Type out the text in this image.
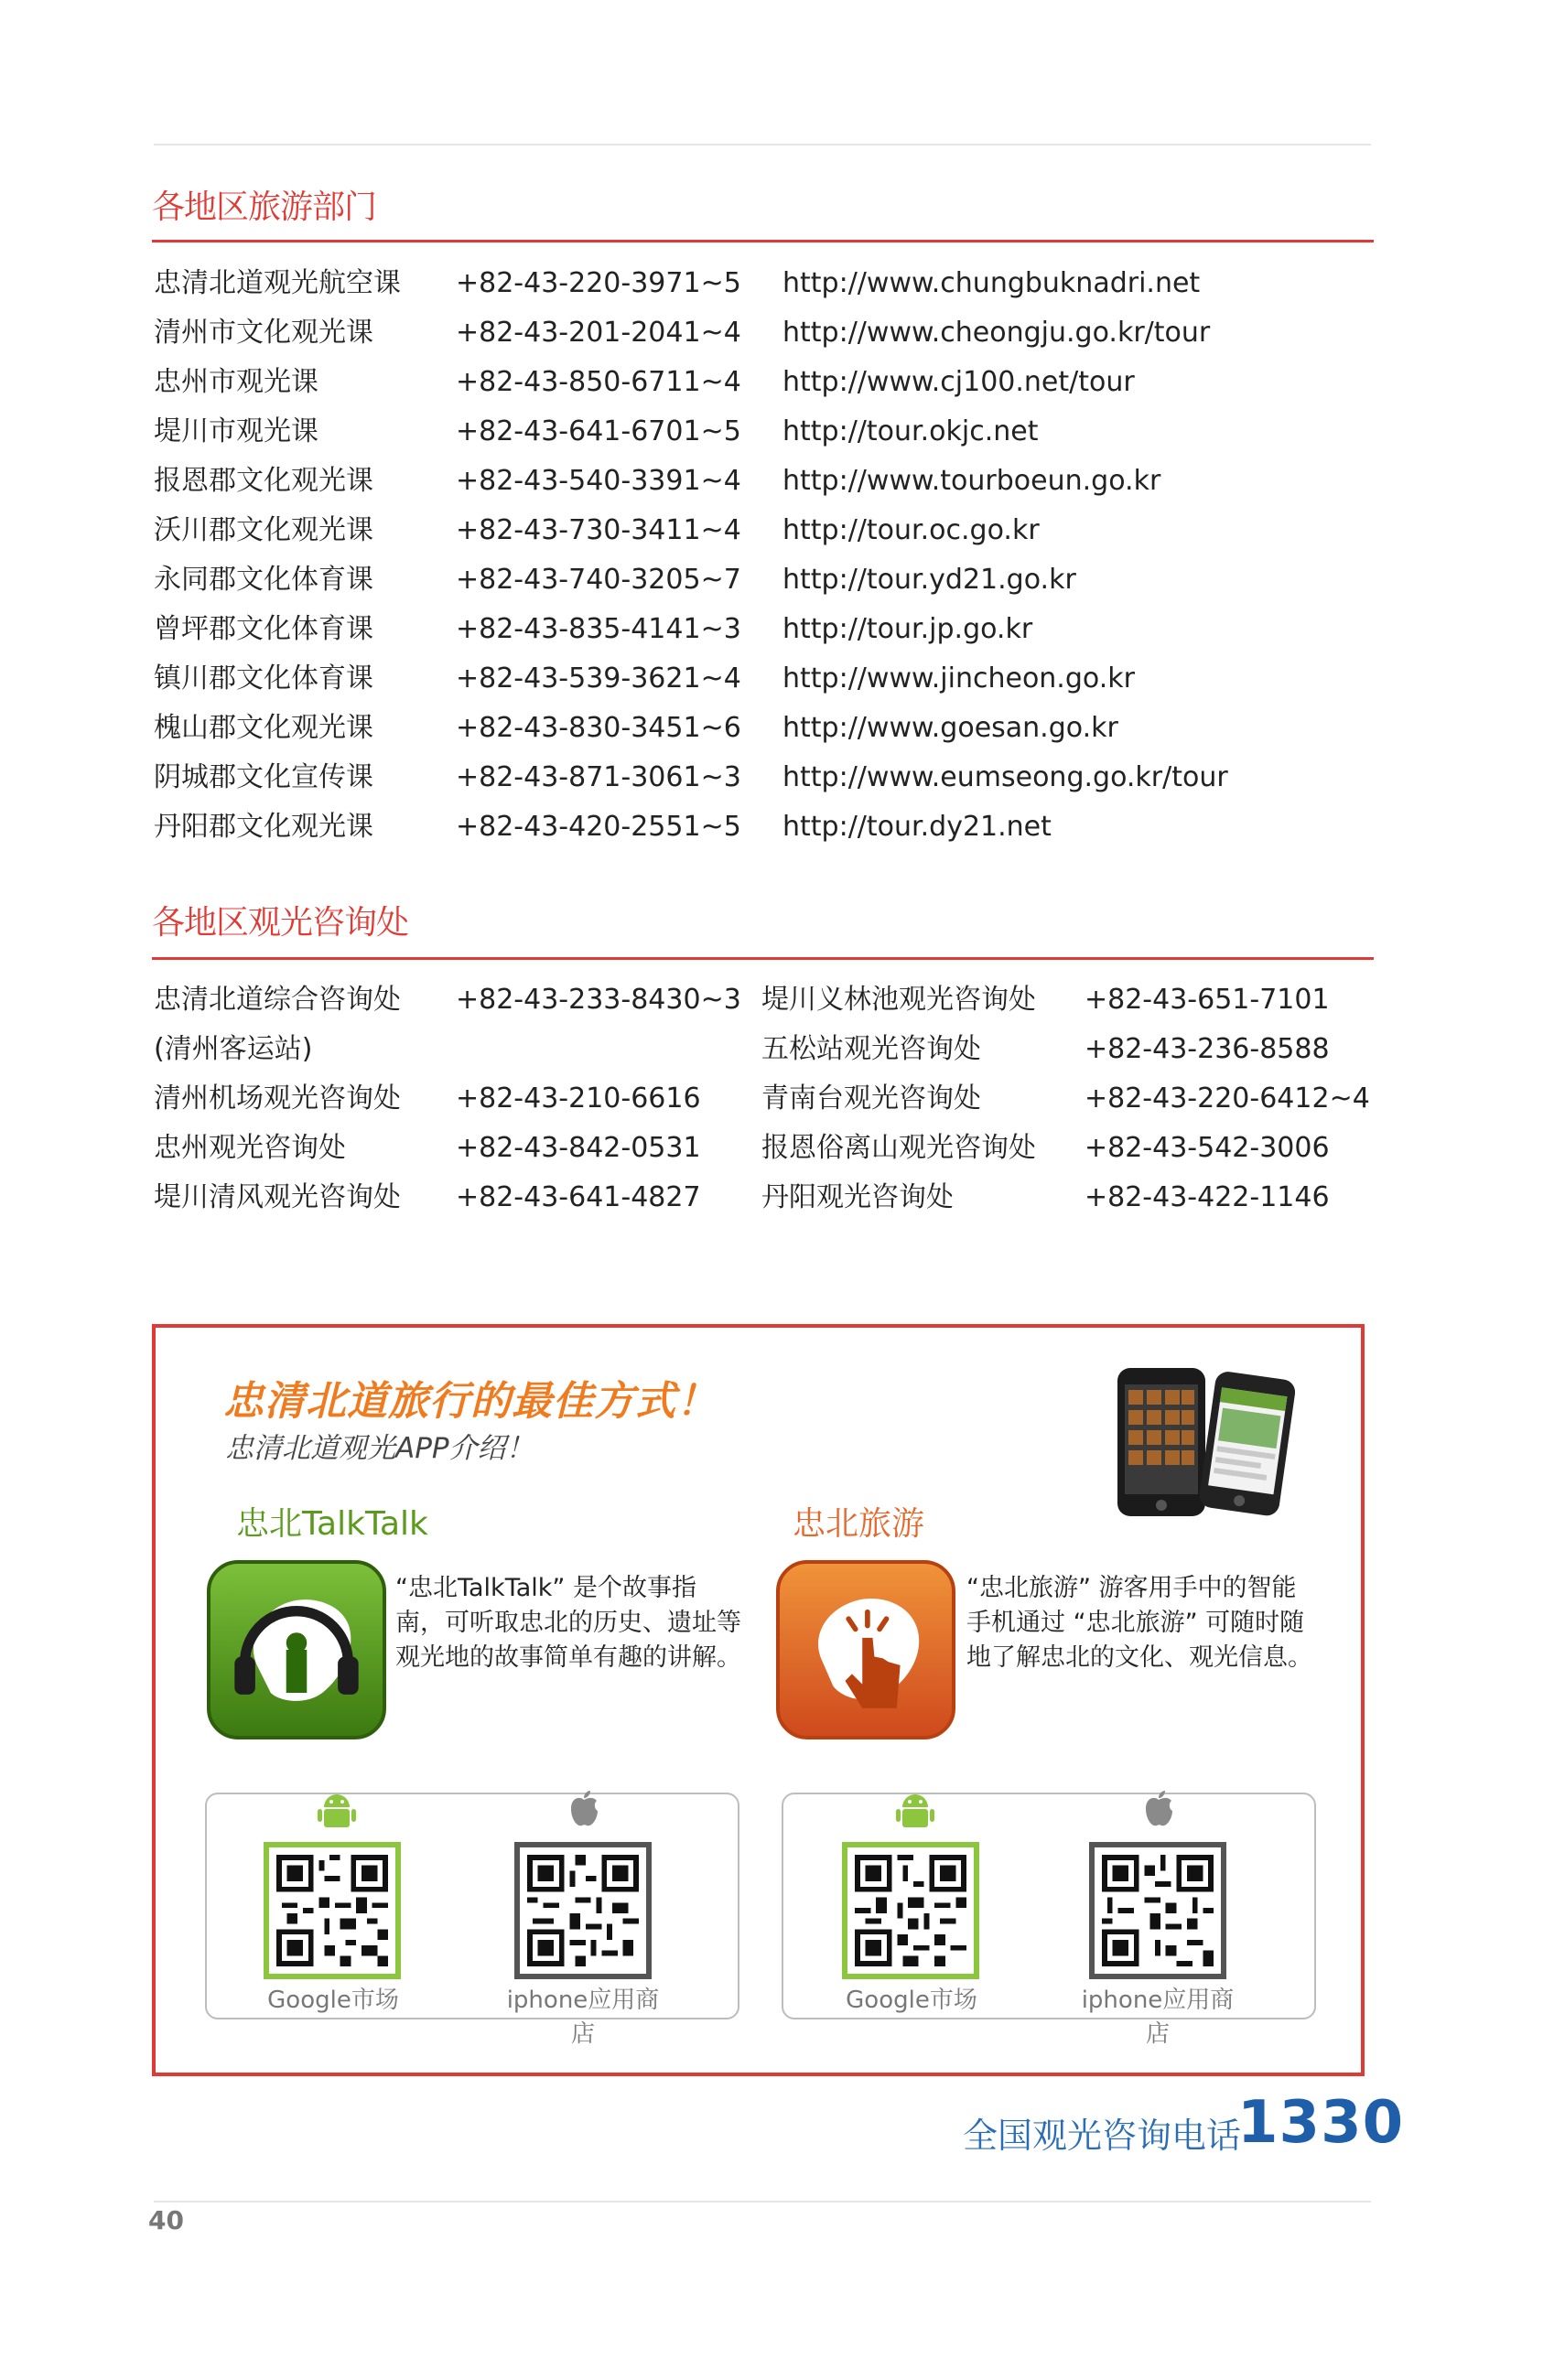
各地区旅游部门
忠清北道观光航空课 +82-43-220-3971~5 http://www.chungbuknadri.net
清州市文化观光课	+82-43-201-2041~4 http://www.cheongju.go.kr/tour
忠州市观光课	+82-43-850-6711~4 http://www.cj100.net/tour
堤川市观光课	+82-43-641-6701~5 http://tour.okjc.net
报恩郡文化观光课	+82-43-540-3391~4 http://www.tourboeun.go.kr
沃川郡文化观光课	+82-43-730-3411~4 http://tour.oc.go.kr
永同郡文化体育课	+82-43-740-3205~7 http://tour.yd21.go.kr
曾坪郡文化体育课	+82-43-835-4141~3 http://tour.jp.go.kr
镇川郡文化体育课	+82-43-539-3621~4 http://www.jincheon.go.kr
槐山郡文化观光课	+82-43-830-3451~6 http://www.goesan.go.kr
阴城郡文化宣传课	+82-43-871-3061~3 http://www.eumseong.go.kr/tour
丹阳郡文化观光课	+82-43-420-2551~5 http://tour.dy21.net
各地区观光咨询处
忠清北道综合咨询处 +82-43-233-8430~3 堤川义林池观光咨询处 +82-43-651-7101
(清州客运站)	五松站观光咨询处	+82-43-236-8588
清州机场观光咨询处 +82-43-210-6616 青南台观光咨询处	+82-43-220-6412~4
忠州观光咨询处	+82-43-842-0531 报恩俗离山观光咨询处 +82-43-542-3006
堤川清风观光咨询处 +82-43-641-4827 丹阳观光咨询处	+82-43-422-1146
忠清北道旅行的最佳方式！
忠清北道观光APP介绍！
忠北TalkTalk
“忠北TalkTalk” 是个故事指南，可听取忠北的历史、遗址等观光地的故事简单有趣的讲解。
Google市场	iphone应用商店
忠北旅游
“忠北旅游” 游客用手中的智能手机通过 “忠北旅游” 可随时随地了解忠北的文化、观光信息。
Google市场	iphone应用商店
全国观光咨询电话
1330
40
